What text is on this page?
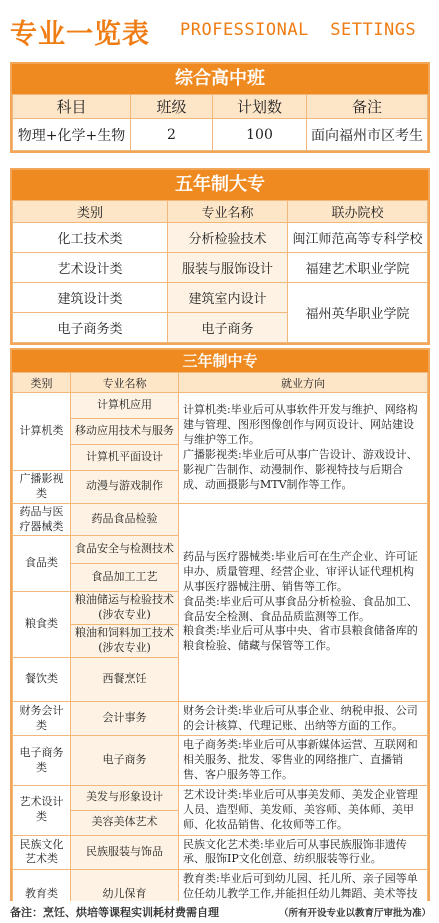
专业一览表 PROFESSIONAL  SETTINGS
综合高中班
科目	班级	计划数	备注
物理+化学+生物	2	100	面向福州市区考生
五年制大专
类别	专业名称	联办院校
化工技术类	分析检验技术	闽江师范高等专科学校
艺术设计类	服装与服饰设计	福建艺术职业学院
建筑设计类	建筑室内设计	福州英华职业学院
电子商务类	电子商务	
三年制中专
类别	专业名称	就业方向
计算机类	计算机应用	计算机类:毕业后可从事软件开发与维护、网络构建与管理、图形图像创作与网页设计、网站建设与维护等工作。
广播影视类:毕业后可从事广告设计、游戏设计、影视广告制作、动漫制作、影视特技与后期合成、动画摄影与MTV制作等工作。

	移动应用技术与服务	
	计算机平面设计	
广播影视类	动漫与游戏制作	
药品与医疗器械类	药品食品检验	药品与医疗器械类:毕业后可在生产企业、许可证申办、质量管理、经营企业、审评认证代理机构从事医疗器械注册、销售等工作。
食品类:毕业后可从事食品分析检验、食品加工、食品安全检测、食品品质监测等工作。
粮食类:毕业后可从事中央、省市县粮食储备库的粮食检验、储藏与保管等工作。

食品类	食品安全与检测技术	
	食品加工工艺	
粮食类	粮油储运与检验技术(涉农专业)	
	粮油和饲料加工技术(涉农专业)	
餐饮类	西餐烹饪	
财务会计类	会计事务	财务会计类:毕业后可从事企业、纳税申报、公司的会计核算、代理记账、出纳等方面的工作。
电子商务类	电子商务	电子商务类:毕业后可从事新媒体运营、互联网和相关服务、批发、零售业的网络推广、直播销售、客户服务等工作。
艺术设计类	美发与形象设计	艺术设计类:毕业后可从事美发师、美发企业管理人员、造型师、美发师、美容师、美体师、美甲师、化妆品销售、化妆师等工作。
	美容美体艺术	
民族文化艺术类	民族服装与饰品	民族文化艺术类:毕业后可从事民族服饰非遗传承、服饰IP文化创意、纺织服装等行业。
教育类	幼儿保育	教育类:毕业后可到幼儿园、托儿所、亲子园等单位任幼儿教学工作,并能担任幼儿舞蹈、美术等技
备注：烹饪、烘培等课程实训耗材费需自理	（所有开设专业以教育厅审批为准）
